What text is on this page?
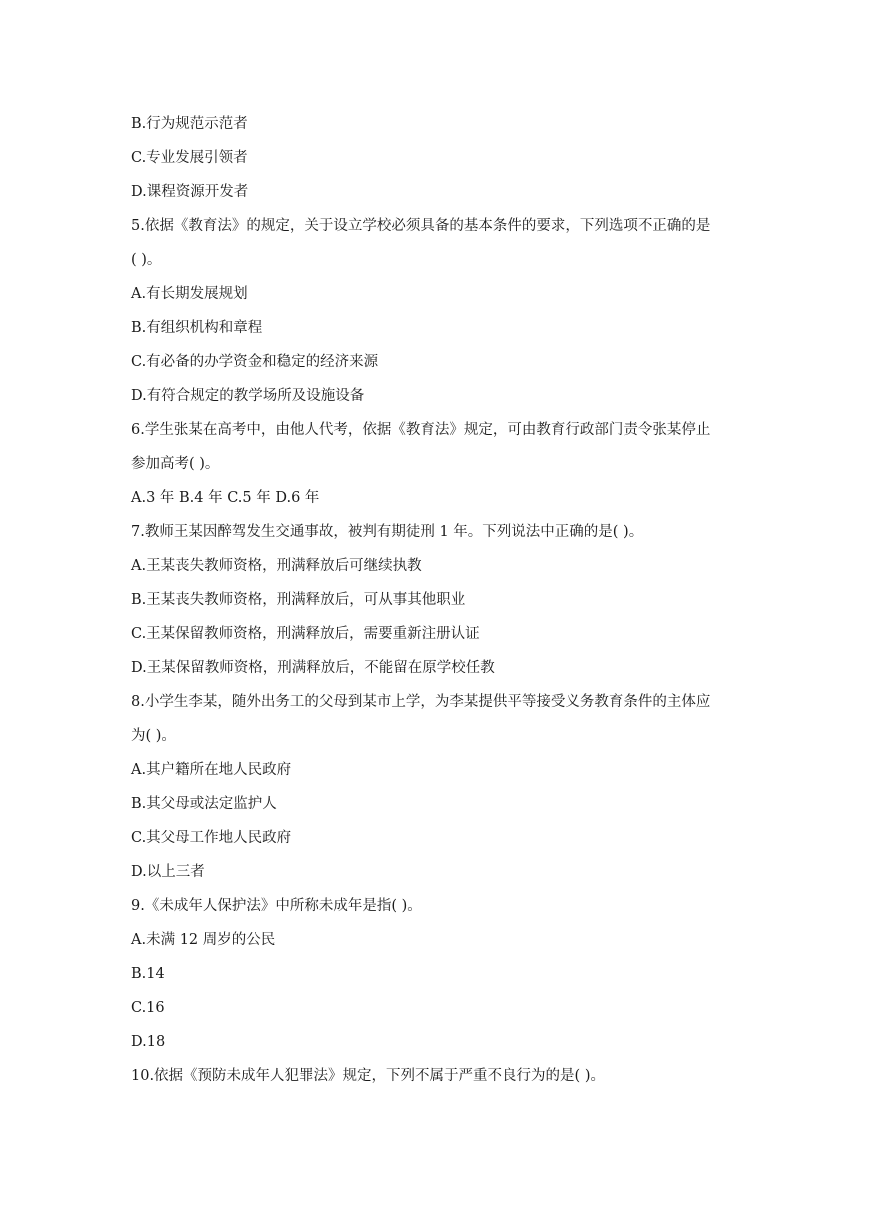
B.行为规范示范者
C.专业发展引领者
D.课程资源开发者
5.依据《教育法》的规定，关于设立学校必须具备的基本条件的要求，下列选项不正确的是
( )。
A.有长期发展规划
B.有组织机构和章程
C.有必备的办学资金和稳定的经济来源
D.有符合规定的教学场所及设施设备
6.学生张某在高考中，由他人代考，依据《教育法》规定，可由教育行政部门责令张某停止
参加高考( )。
A.3 年 B.4 年 C.5 年 D.6 年
7.教师王某因醉驾发生交通事故，被判有期徒刑 1 年。下列说法中正确的是( )。
A.王某丧失教师资格，刑满释放后可继续执教
B.王某丧失教师资格，刑满释放后，可从事其他职业
C.王某保留教师资格，刑满释放后，需要重新注册认证
D.王某保留教师资格，刑满释放后，不能留在原学校任教
8.小学生李某，随外出务工的父母到某市上学，为李某提供平等接受义务教育条件的主体应
为( )。
A.其户籍所在地人民政府
B.其父母或法定监护人
C.其父母工作地人民政府
D.以上三者
9.《未成年人保护法》中所称未成年是指( )。
A.未满 12 周岁的公民
B.14
C.16
D.18
10.依据《预防未成年人犯罪法》规定，下列不属于严重不良行为的是( )。
